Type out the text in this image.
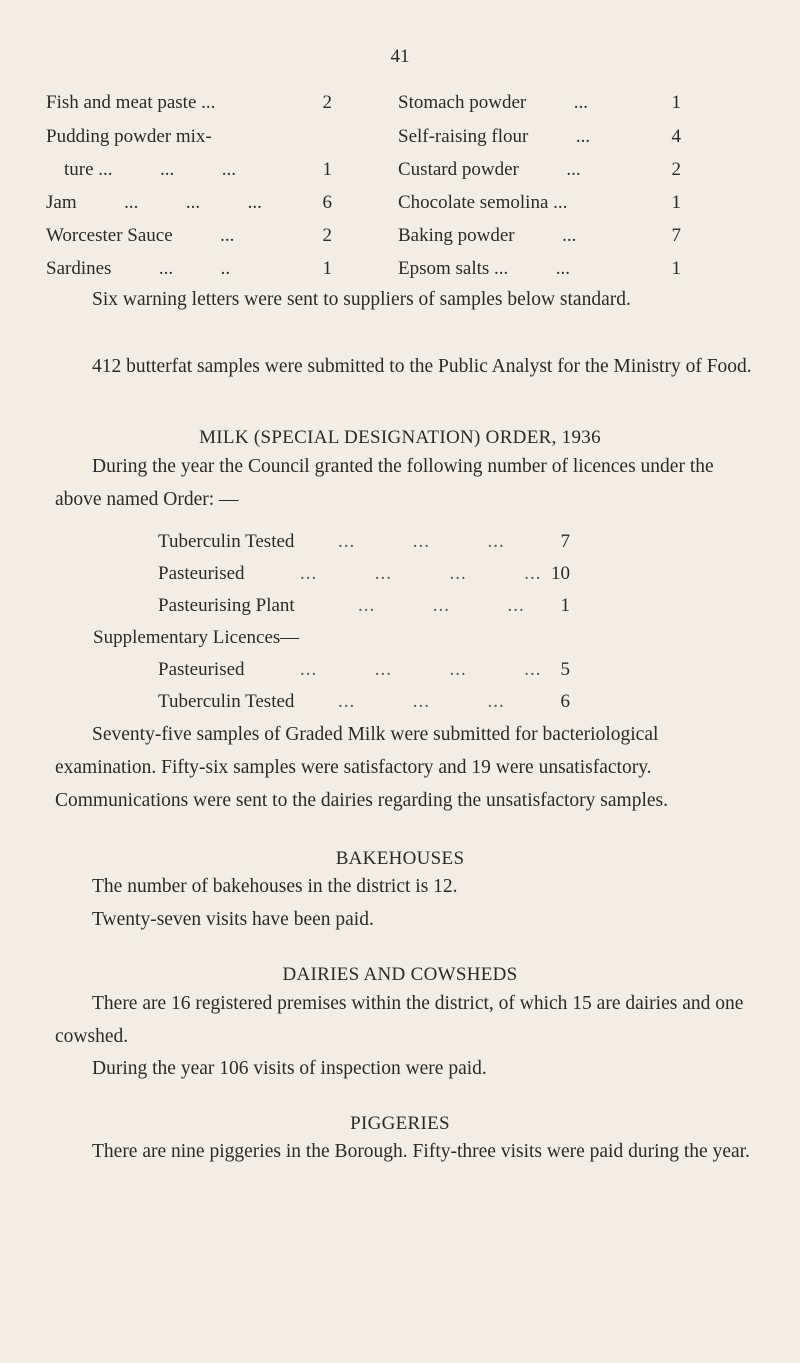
41
Fish and meat paste ...	2
Pudding powder mix-
ture ...          ...          ...	1
Jam          ...          ...          ...	6
Worcester Sauce          ...	2
Sardines          ...          ..	1
Stomach powder          ...	1
Self-raising flour          ...	4
Custard powder          ...	2
Chocolate semolina ...	1
Baking powder          ...	7
Epsom salts ...          ...	1

Six warning letters were sent to suppliers of samples below standard.

412 butterfat samples were submitted to the Public Analyst for the Ministry of Food.

MILK (SPECIAL DESIGNATION) ORDER, 1936

During the year the Council granted the following number of licences under the above named Order: —

Tuberculin Tested ...          ...          ...	7
Pasteurised	...          ...          ...          ... 10
Pasteurising Plant	...          ...          ...	1
Supplementary Licences—
Pasteurised	...          ...          ...          ...	5
Tuberculin Tested ...          ...          ...	6

Seventy-five samples of Graded Milk were submitted for bacteriological examination. Fifty-six samples were satisfactory and 19 were unsatisfactory. Communications were sent to the dairies regarding the unsatisfactory samples.

BAKEHOUSES

The number of bakehouses in the district is 12.

Twenty-seven visits have been paid.

DAIRIES AND COWSHEDS

There are 16 registered premises within the district, of which 15 are dairies and one cowshed.

During the year 106 visits of inspection were paid.

PIGGERIES

There are nine piggeries in the Borough. Fifty-three visits were paid during the year.
